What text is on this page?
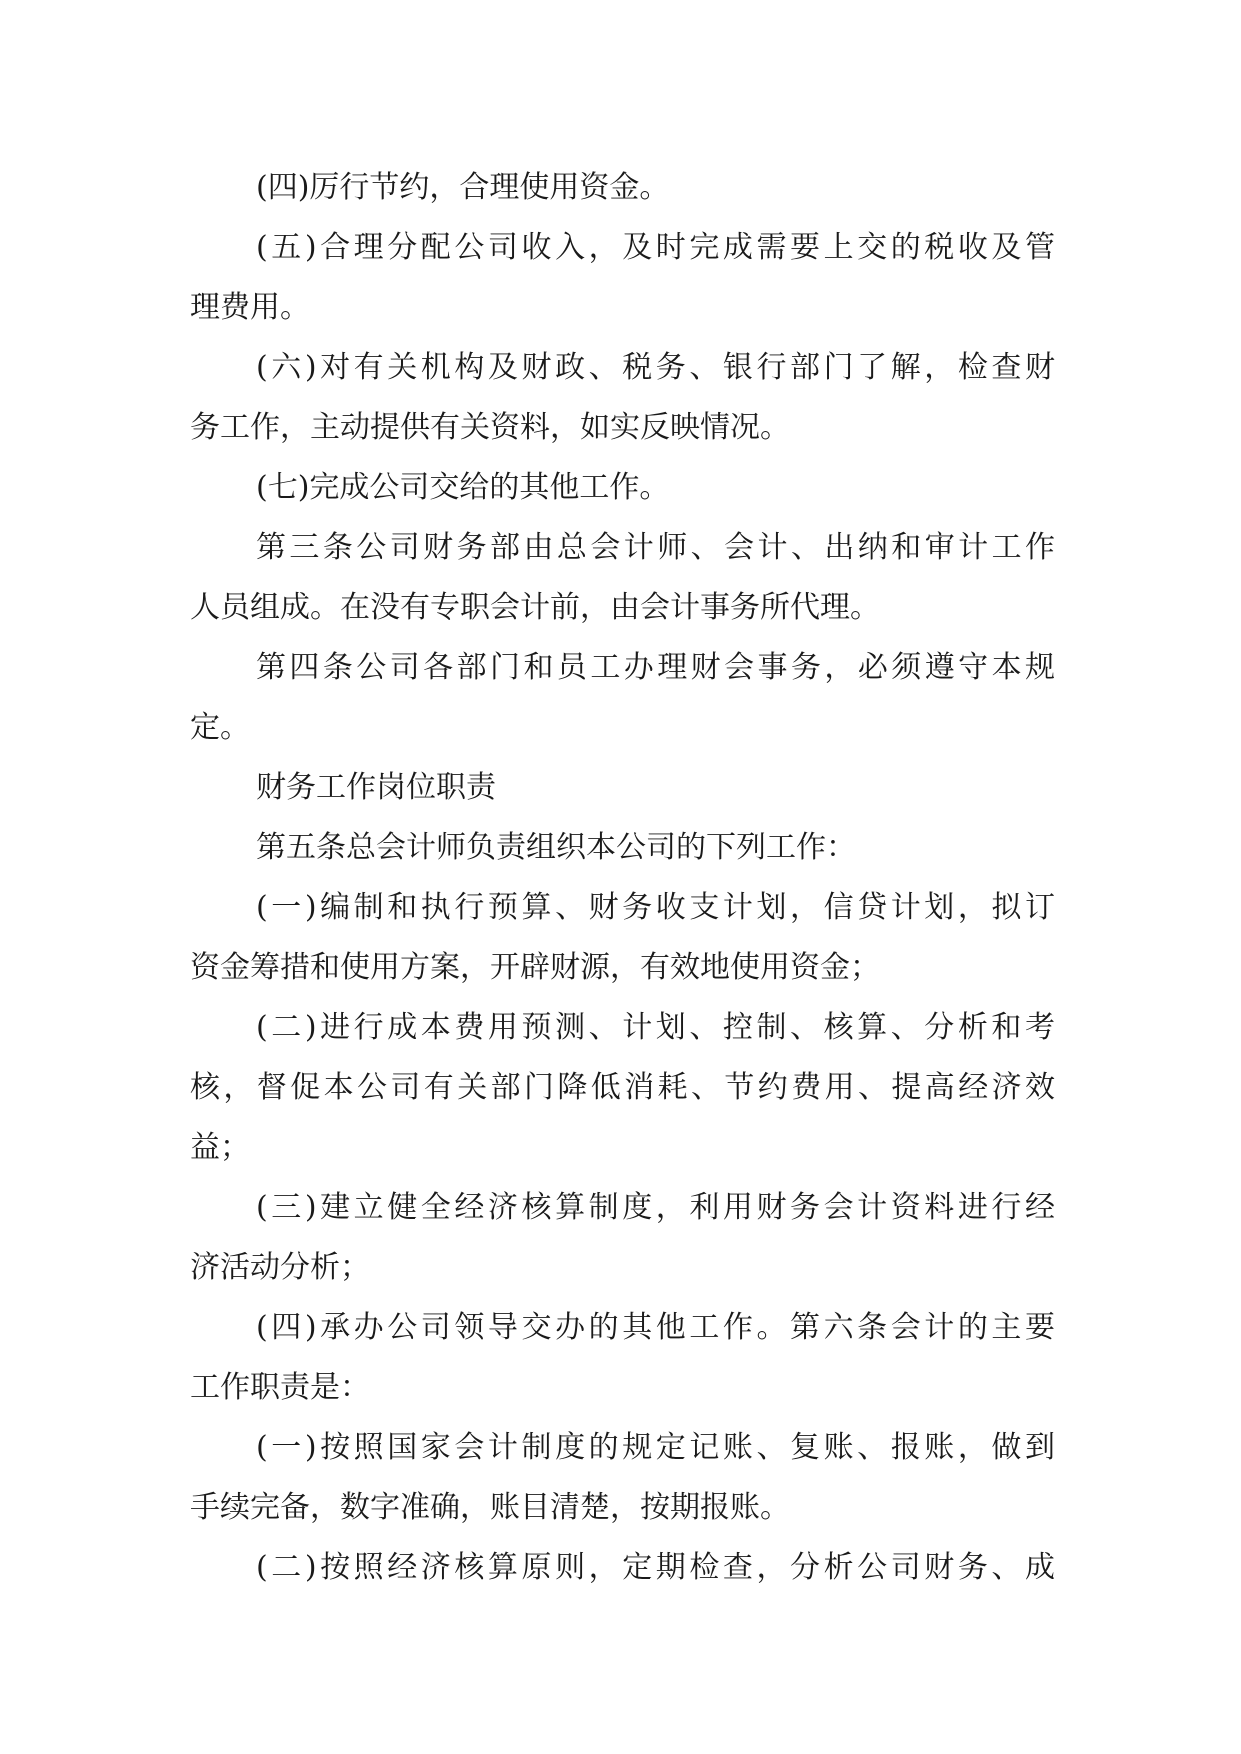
(四)厉行节约，合理使用资金。
(五)合理分配公司收入，及时完成需要上交的税收及管
理费用。
(六)对有关机构及财政、税务、银行部门了解，检查财
务工作，主动提供有关资料，如实反映情况。
(七)完成公司交给的其他工作。
第三条公司财务部由总会计师、会计、出纳和审计工作
人员组成。在没有专职会计前，由会计事务所代理。
第四条公司各部门和员工办理财会事务，必须遵守本规
定。
财务工作岗位职责
第五条总会计师负责组织本公司的下列工作：
(一)编制和执行预算、财务收支计划，信贷计划，拟订
资金筹措和使用方案，开辟财源，有效地使用资金；
(二)进行成本费用预测、计划、控制、核算、分析和考
核，督促本公司有关部门降低消耗、节约费用、提高经济效
益；
(三)建立健全经济核算制度，利用财务会计资料进行经
济活动分析；
(四)承办公司领导交办的其他工作。第六条会计的主要
工作职责是：
(一)按照国家会计制度的规定记账、复账、报账，做到
手续完备，数字准确，账目清楚，按期报账。
(二)按照经济核算原则，定期检查，分析公司财务、成
